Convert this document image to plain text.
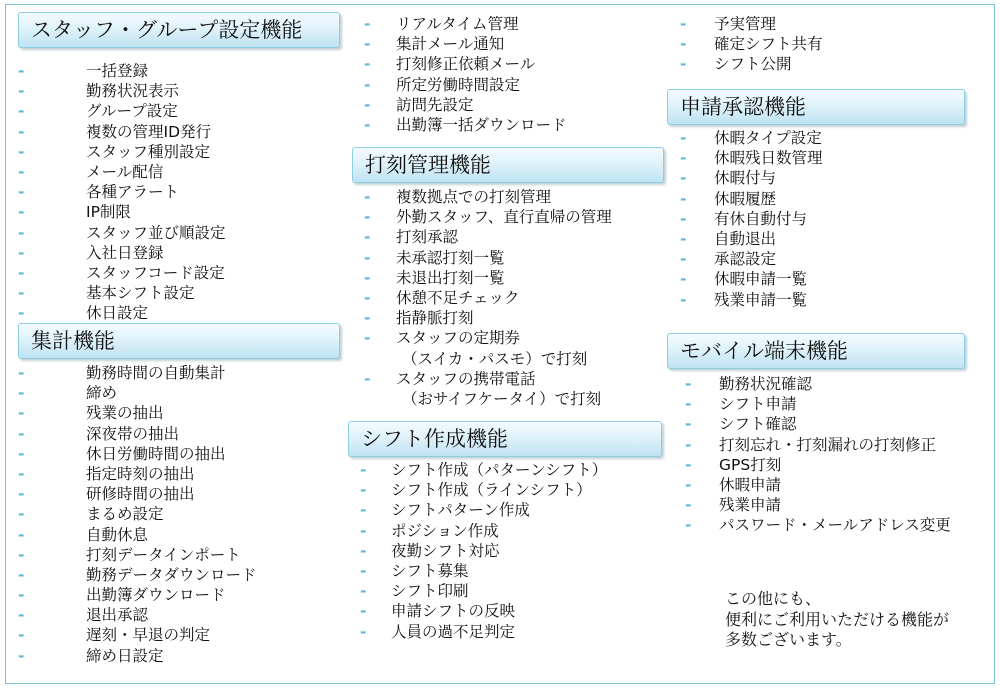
スタッフ・グループ設定機能
-	一括登録
-	勤務状況表示
-	グループ設定
-	複数の管理ID発行
-	スタッフ種別設定
-	メール配信
-	各種アラート
-	IP制限
-	スタッフ並び順設定
-	入社日登録
-	スタッフコード設定
-	基本シフト設定
-	休日設定
集計機能
-	勤務時間の自動集計
-	締め
-	残業の抽出
-	深夜帯の抽出
-	休日労働時間の抽出
-	指定時刻の抽出
-	研修時間の抽出
-	まるめ設定
-	自動休息
-	打刻データインポート
-	勤務データダウンロード
-	出勤簿ダウンロード
-	退出承認
-	遅刻・早退の判定
-	締め日設定
- リアルタイム管理
- 集計メール通知
- 打刻修正依頼メール
- 所定労働時間設定
- 訪問先設定
- 出勤簿一括ダウンロード
打刻管理機能
- 複数拠点での打刻管理
- 外勤スタッフ、直行直帰の管理
- 打刻承認
- 未承認打刻一覧
- 未退出打刻一覧
- 休憩不足チェック
- 指静脈打刻
- スタッフの定期券
（スイカ・パスモ）で打刻
- スタッフの携帯電話
（おサイフケータイ）で打刻
シフト作成機能
- シフト作成（パターンシフト）
- シフト作成（ラインシフト）
- シフトパターン作成
- ポジション作成
- 夜勤シフト対応
- シフト募集
- シフト印刷
- 申請シフトの反映
- 人員の過不足判定
- 予実管理
- 確定シフト共有
- シフト公開
申請承認機能
- 休暇タイプ設定
- 休暇残日数管理
- 休暇付与
- 休暇履歴
- 有休自動付与
- 自動退出
- 承認設定
- 休暇申請一覧
- 残業申請一覧
モバイル端末機能
- 勤務状況確認
- シフト申請
- シフト確認
- 打刻忘れ・打刻漏れの打刻修正
- GPS打刻
- 休暇申請
- 残業申請
- パスワード・メールアドレス変更
この他にも、
便利にご利用いただける機能が
多数ございます。
